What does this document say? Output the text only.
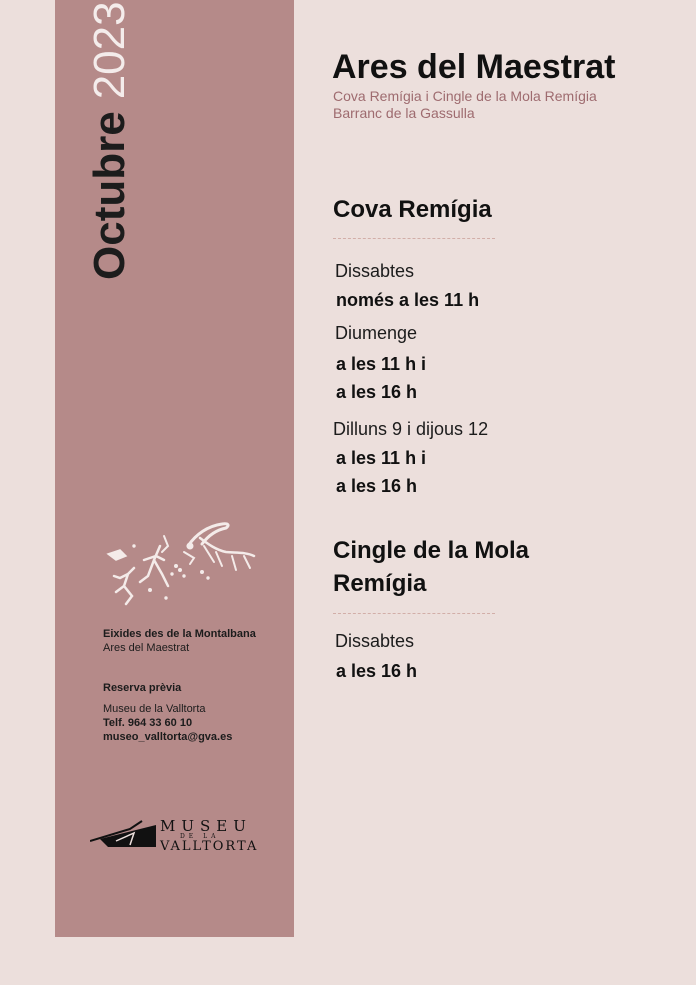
Octubre2023
Eixides des de la Montalbana
Ares del Maestrat
Reserva prèvia
Museu de la Valltorta
Telf. 964 33 60 10
museo_valltorta@gva.es
MUSEU
DE LA
VALLTORTA
Ares del Maestrat
Cova Remígia i Cingle de la Mola Remígia
Barranc de la Gassulla
Cova Remígia
Dissabtes
només a les 11 h
Diumenge
a les 11 h i
a les 16 h
Dilluns 9 i dijous 12
a les 11 h i
a les 16 h
Cingle de la Mola
Remígia
Dissabtes
a les 16 h
